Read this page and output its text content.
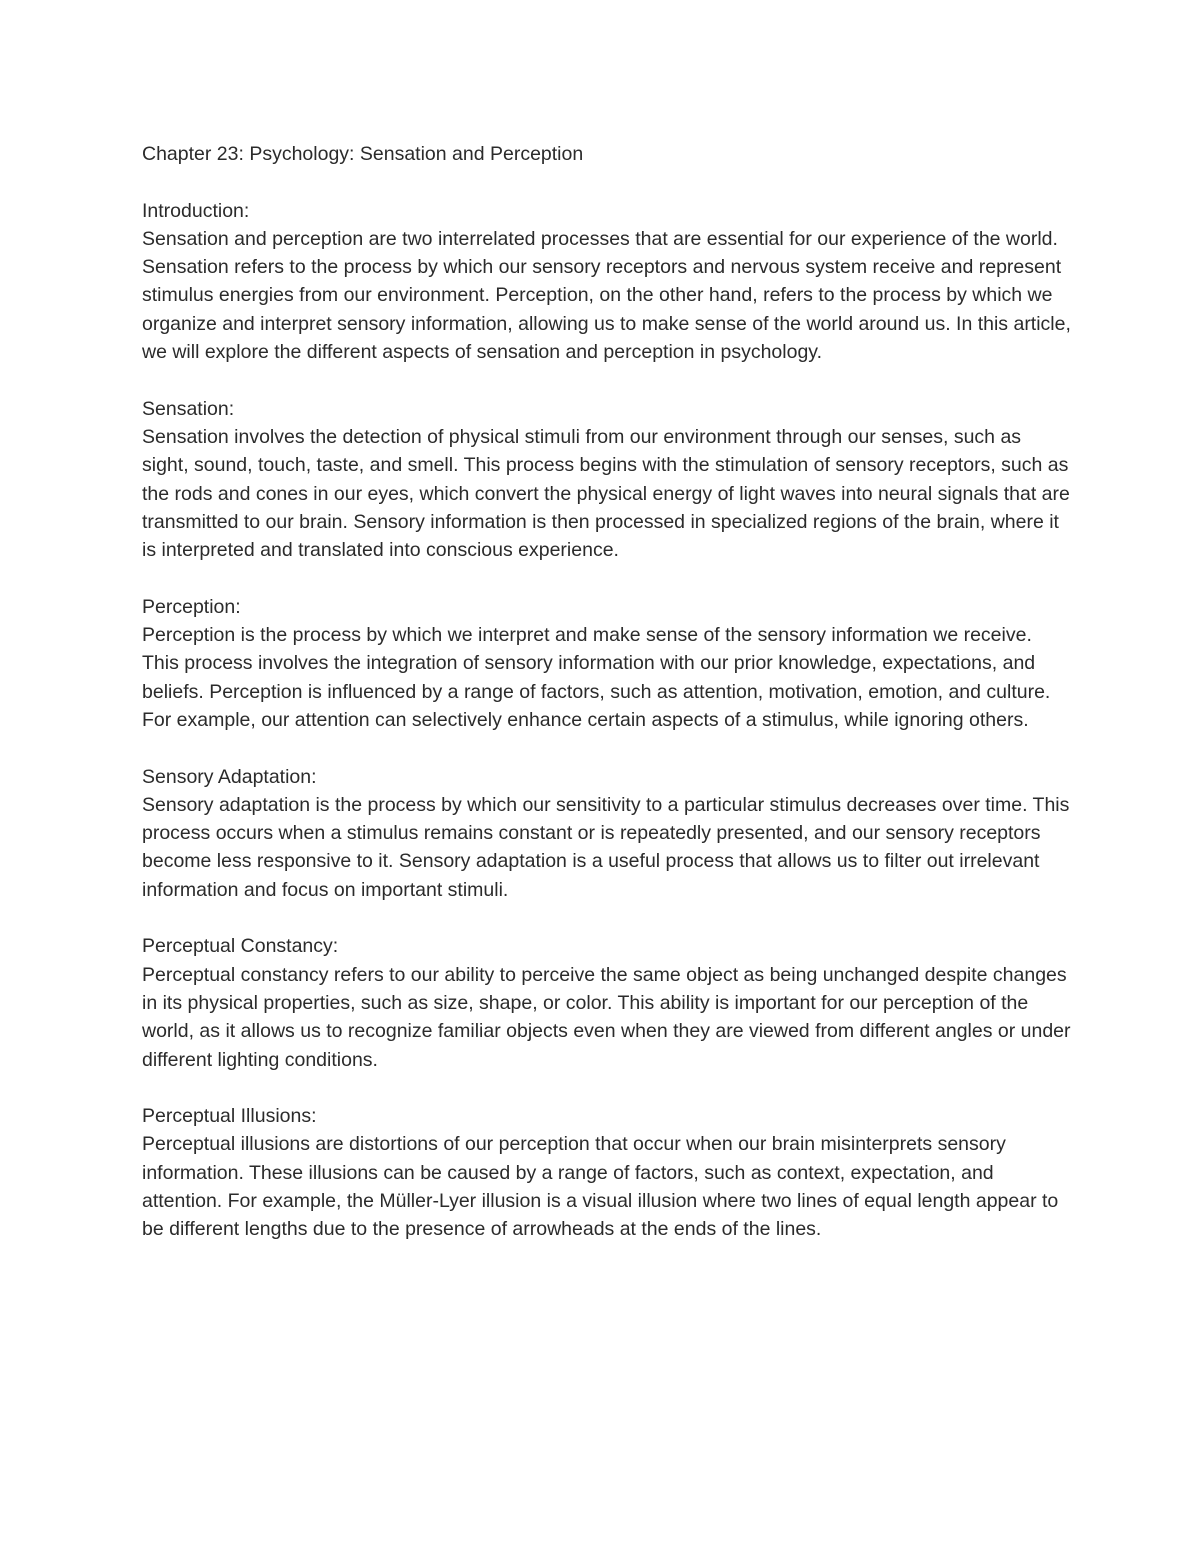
Chapter 23: Psychology: Sensation and Perception

Introduction:

Sensation and perception are two interrelated processes that are essential for our experience of the world. Sensation refers to the process by which our sensory receptors and nervous system receive and represent stimulus energies from our environment. Perception, on the other hand, refers to the process by which we organize and interpret sensory information, allowing us to make sense of the world around us. In this article, we will explore the different aspects of sensation and perception in psychology.

Sensation:

Sensation involves the detection of physical stimuli from our environment through our senses, such as sight, sound, touch, taste, and smell. This process begins with the stimulation of sensory receptors, such as the rods and cones in our eyes, which convert the physical energy of light waves into neural signals that are transmitted to our brain. Sensory information is then processed in specialized regions of the brain, where it is interpreted and translated into conscious experience.

Perception:

Perception is the process by which we interpret and make sense of the sensory information we receive. This process involves the integration of sensory information with our prior knowledge, expectations, and beliefs. Perception is influenced by a range of factors, such as attention, motivation, emotion, and culture. For example, our attention can selectively enhance certain aspects of a stimulus, while ignoring others.

Sensory Adaptation:

Sensory adaptation is the process by which our sensitivity to a particular stimulus decreases over time. This process occurs when a stimulus remains constant or is repeatedly presented, and our sensory receptors become less responsive to it. Sensory adaptation is a useful process that allows us to filter out irrelevant information and focus on important stimuli.

Perceptual Constancy:

Perceptual constancy refers to our ability to perceive the same object as being unchanged despite changes in its physical properties, such as size, shape, or color. This ability is important for our perception of the world, as it allows us to recognize familiar objects even when they are viewed from different angles or under different lighting conditions.

Perceptual Illusions:

Perceptual illusions are distortions of our perception that occur when our brain misinterprets sensory information. These illusions can be caused by a range of factors, such as context, expectation, and attention. For example, the Müller-Lyer illusion is a visual illusion where two lines of equal length appear to be different lengths due to the presence of arrowheads at the ends of the lines.
